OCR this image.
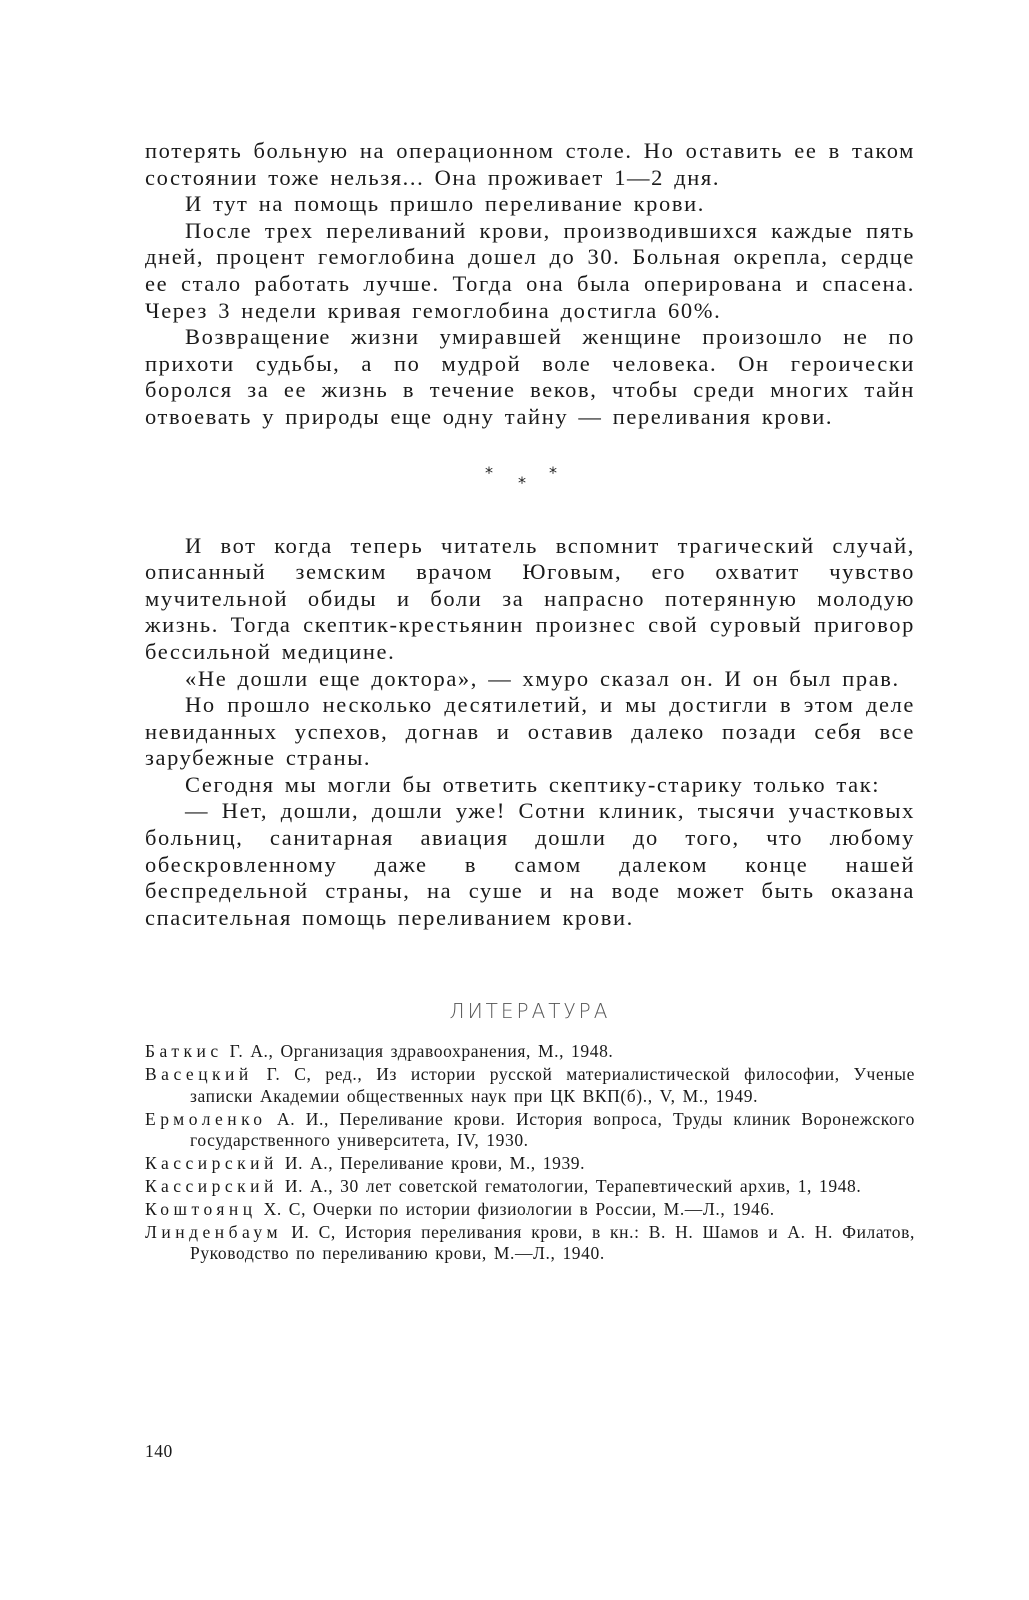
потерять больную на операционном столе. Но оставить ее в таком состоянии тоже нельзя... Она проживает 1—2 дня.

И тут на помощь пришло переливание крови.

После трех переливаний крови, производившихся каждые пять дней, процент гемоглобина дошел до 30. Больная окрепла, сердце ее стало работать лучше. Тогда она была оперирована и спасена. Через 3 недели кривая гемоглобина достигла 60%.

Возвращение жизни умиравшей женщине произошло не по прихоти судьбы, а по мудрой воле человека. Он героически боролся за ее жизнь в течение веков, чтобы среди многих тайн отвоевать у природы еще одну тайну — переливания крови.

*
*
*

И вот когда теперь читатель вспомнит трагический случай, описанный земским врачом Юговым, его охватит чувство мучительной обиды и боли за напрасно потерянную молодую жизнь. Тогда скептик-крестьянин произнес свой суровый приговор бессильной медицине.

«Не дошли еще доктора», — хмуро сказал он. И он был прав.

Но прошло несколько десятилетий, и мы достигли в этом деле невиданных успехов, догнав и оставив далеко позади себя все зарубежные страны.

Сегодня мы могли бы ответить скептику-старику только так:

— Нет, дошли, дошли уже! Сотни клиник, тысячи участковых больниц, санитарная авиация дошли до того, что любому обескровленному даже в самом далеком конце нашей беспредельной страны, на суше и на воде может быть оказана спасительная помощь переливанием крови.

ЛИТЕРАТУРА
Баткис Г. А., Организация здравоохранения, М., 1948.
Васецкий Г. С, ред., Из истории русской материалистической философии, Ученые записки Академии общественных наук при ЦК ВКП(б)., V, М., 1949.
Ермоленко А. И., Переливание крови. История вопроса, Труды клиник Воронежского государственного университета, IV, 1930.
Кассирский И. А., Переливание крови, М., 1939.
Кассирский И. А., 30 лет советской гематологии, Терапевтический архив, 1, 1948.
Коштоянц X. С, Очерки по истории физиологии в России, М.—Л., 1946.
Линденбаум И. С, История переливания крови, в кн.: В. Н. Шамов и А. Н. Филатов, Руководство по переливанию крови, М.—Л., 1940.
140
